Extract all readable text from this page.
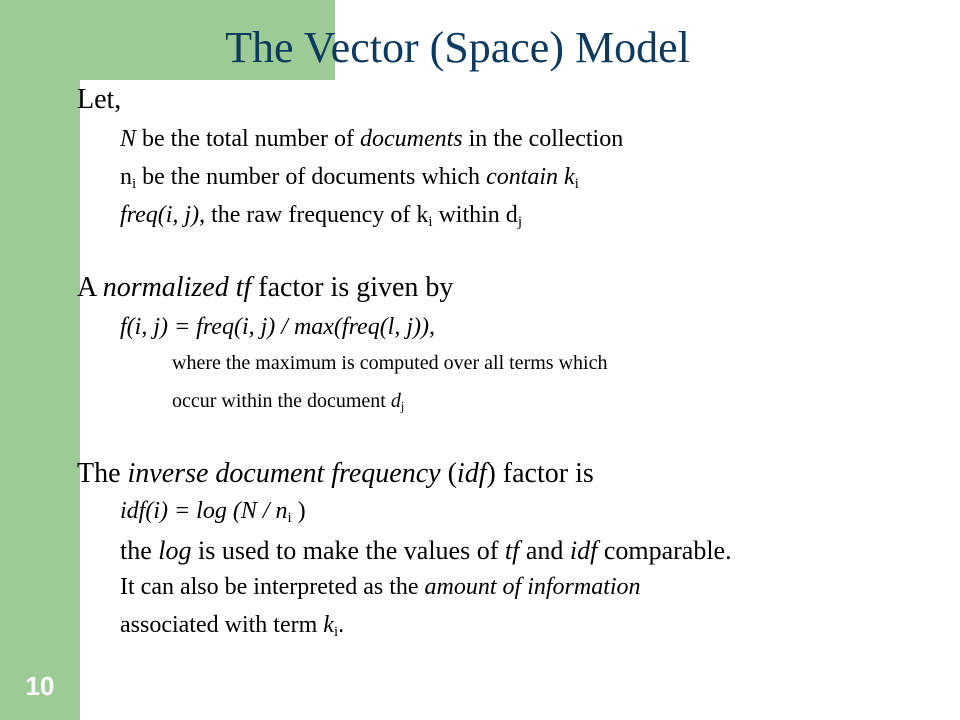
The Vector (Space) Model
Let,
N be the total number of documents in the collection
$n_i$ be the number of documents which contain $k_i$
freq(i, j), the raw frequency of $k_i$ within $d_j$
A normalized tf factor is given by
f(i, j) = freq(i, j) / max(freq(l, j)),
where the maximum is computed over all terms which
occur within the document $d_j$
The inverse document frequency (idf) factor is
$idf(i) = \log (N / n_i$ )
the log is used to make the values of tf and idf comparable.
It can also be interpreted as the amount of information
associated with term $k_i$.
10
